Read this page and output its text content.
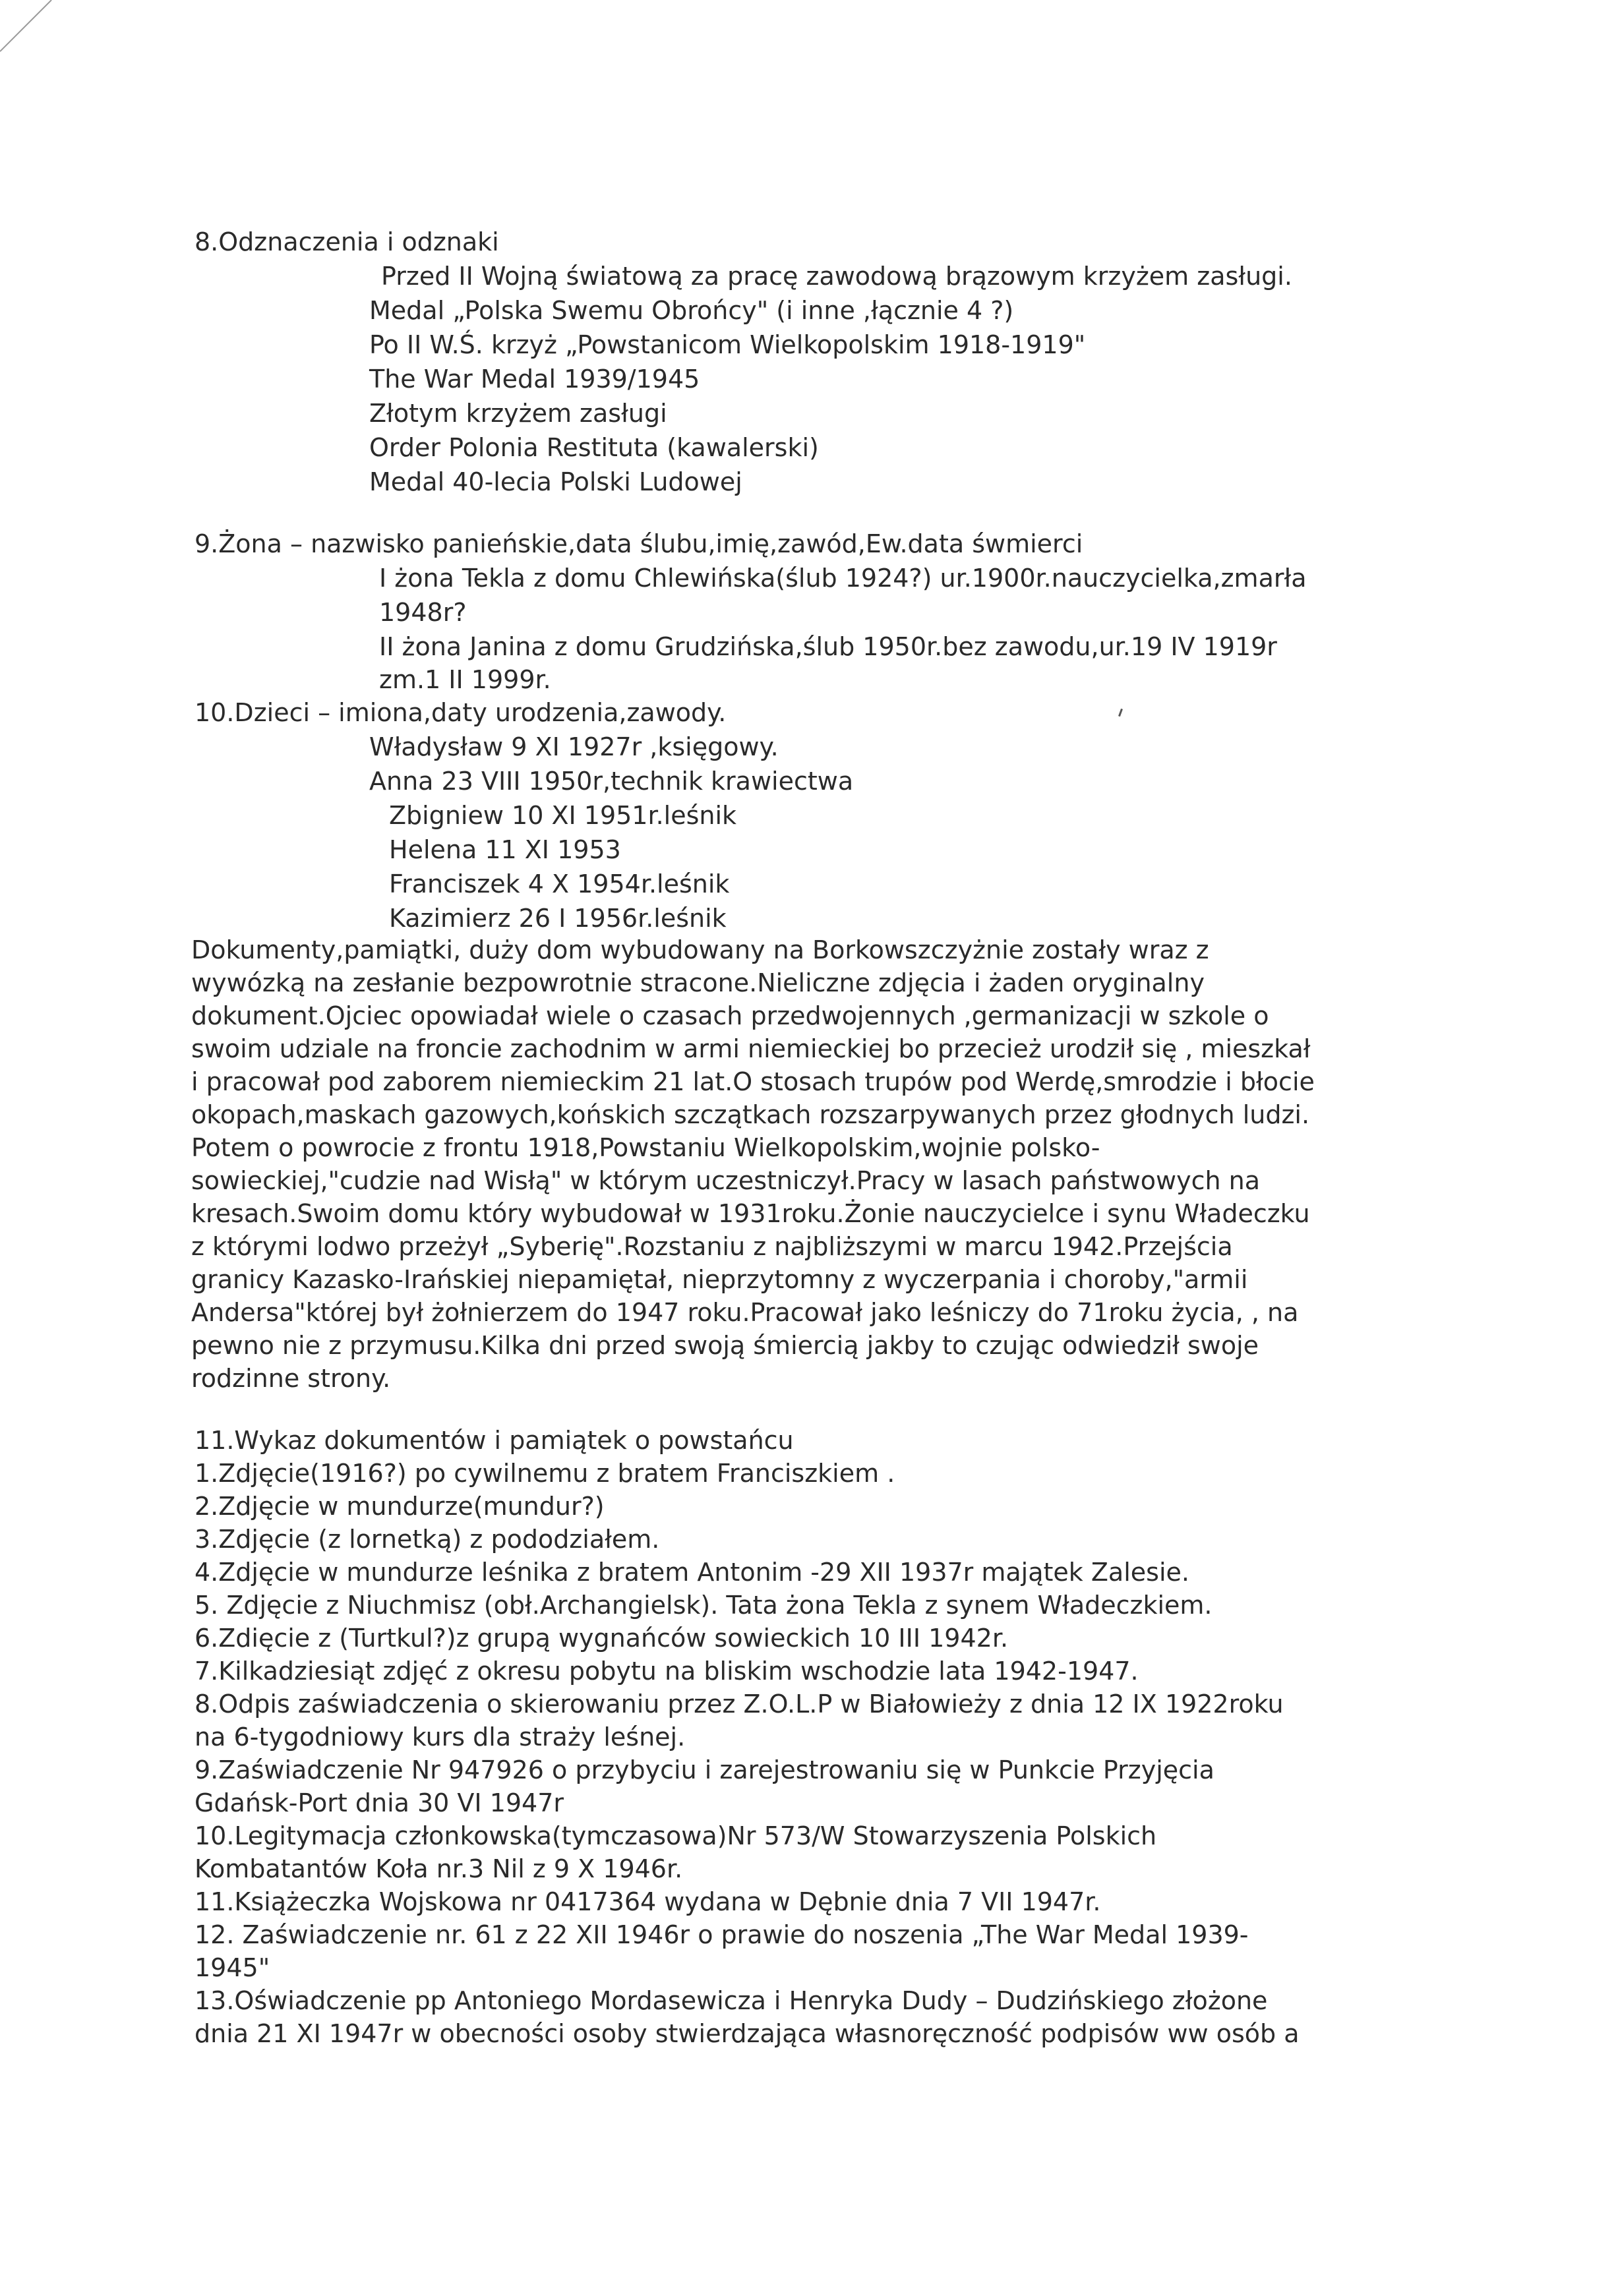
8.Odznaczenia i odznaki
Przed II Wojną światową za pracę zawodową brązowym krzyżem zasługi.
Medal „Polska Swemu Obrońcy" (i inne ,łącznie 4 ?)
Po II W.Ś. krzyż „Powstanicom Wielkopolskim 1918-1919"
The War Medal 1939/1945
Złotym krzyżem zasługi
Order Polonia Restituta (kawalerski)
Medal 40-lecia Polski Ludowej
9.Żona – nazwisko panieńskie,data ślubu,imię,zawód,Ew.data śwmierci
I żona Tekla z domu Chlewińska(ślub 1924?) ur.1900r.nauczycielka,zmarła
1948r?
II żona Janina z domu Grudzińska,ślub 1950r.bez zawodu,ur.19 IV 1919r
zm.1 II 1999r.
10.Dzieci – imiona,daty urodzenia,zawody.
Władysław 9 XI 1927r ,księgowy.
Anna 23 VIII 1950r,technik krawiectwa
Zbigniew 10 XI 1951r.leśnik
Helena 11 XI 1953
Franciszek 4 X 1954r.leśnik
Kazimierz 26 I 1956r.leśnik
Dokumenty,pamiątki, duży dom wybudowany na Borkowszczyżnie zostały wraz z
wywózką na zesłanie bezpowrotnie stracone.Nieliczne zdjęcia i żaden oryginalny
dokument.Ojciec opowiadał wiele o czasach przedwojennych ,germanizacji w szkole o
swoim udziale na froncie zachodnim w armi niemieckiej bo przecież urodził się , mieszkał
i pracował pod zaborem niemieckim 21 lat.O stosach trupów pod Werdę,smrodzie i błocie
okopach,maskach gazowych,końskich szczątkach rozszarpywanych przez głodnych ludzi.
Potem o powrocie z frontu 1918,Powstaniu Wielkopolskim,wojnie polsko-
sowieckiej,"cudzie nad Wisłą" w którym uczestniczył.Pracy w lasach państwowych na
kresach.Swoim domu który wybudował w 1931roku.Żonie nauczycielce i synu Władeczku
z którymi lodwo przeżył „Syberię".Rozstaniu z najbliższymi w marcu 1942.Przejścia
granicy Kazasko-Irańskiej niepamiętał, nieprzytomny z wyczerpania i choroby,"armii
Andersa"której był żołnierzem do 1947 roku.Pracował jako leśniczy do 71roku życia, , na
pewno nie z przymusu.Kilka dni przed swoją śmiercią jakby to czując odwiedził swoje
rodzinne strony.
11.Wykaz dokumentów i pamiątek o powstańcu
1.Zdjęcie(1916?) po cywilnemu z bratem Franciszkiem .
2.Zdjęcie w mundurze(mundur?)
3.Zdjęcie (z lornetką) z pododziałem.
4.Zdjęcie w mundurze leśnika z bratem Antonim -29 XII 1937r majątek Zalesie.
5. Zdjęcie z Niuchmisz (obł.Archangielsk). Tata żona Tekla z synem Władeczkiem.
6.Zdięcie z (Turtkul?)z grupą wygnańców sowieckich 10 III 1942r.
7.Kilkadziesiąt zdjęć z okresu pobytu na bliskim wschodzie lata 1942-1947.
8.Odpis zaświadczenia o skierowaniu przez Z.O.L.P w Białowieży z dnia 12 IX 1922roku
na 6-tygodniowy kurs dla straży leśnej.
9.Zaświadczenie Nr 947926 o przybyciu i zarejestrowaniu się w Punkcie Przyjęcia
Gdańsk-Port dnia 30 VI 1947r
10.Legitymacja członkowska(tymczasowa)Nr 573/W Stowarzyszenia Polskich
Kombatantów Koła nr.3 Nil z 9 X 1946r.
11.Książeczka Wojskowa nr 0417364 wydana w Dębnie dnia 7 VII 1947r.
12. Zaświadczenie nr. 61 z 22 XII 1946r o prawie do noszenia „The War Medal 1939-
1945"
13.Oświadczenie pp Antoniego Mordasewicza i Henryka Dudy – Dudzińskiego złożone
dnia 21 XI 1947r w obecności osoby stwierdzająca własnoręczność podpisów ww osób a
